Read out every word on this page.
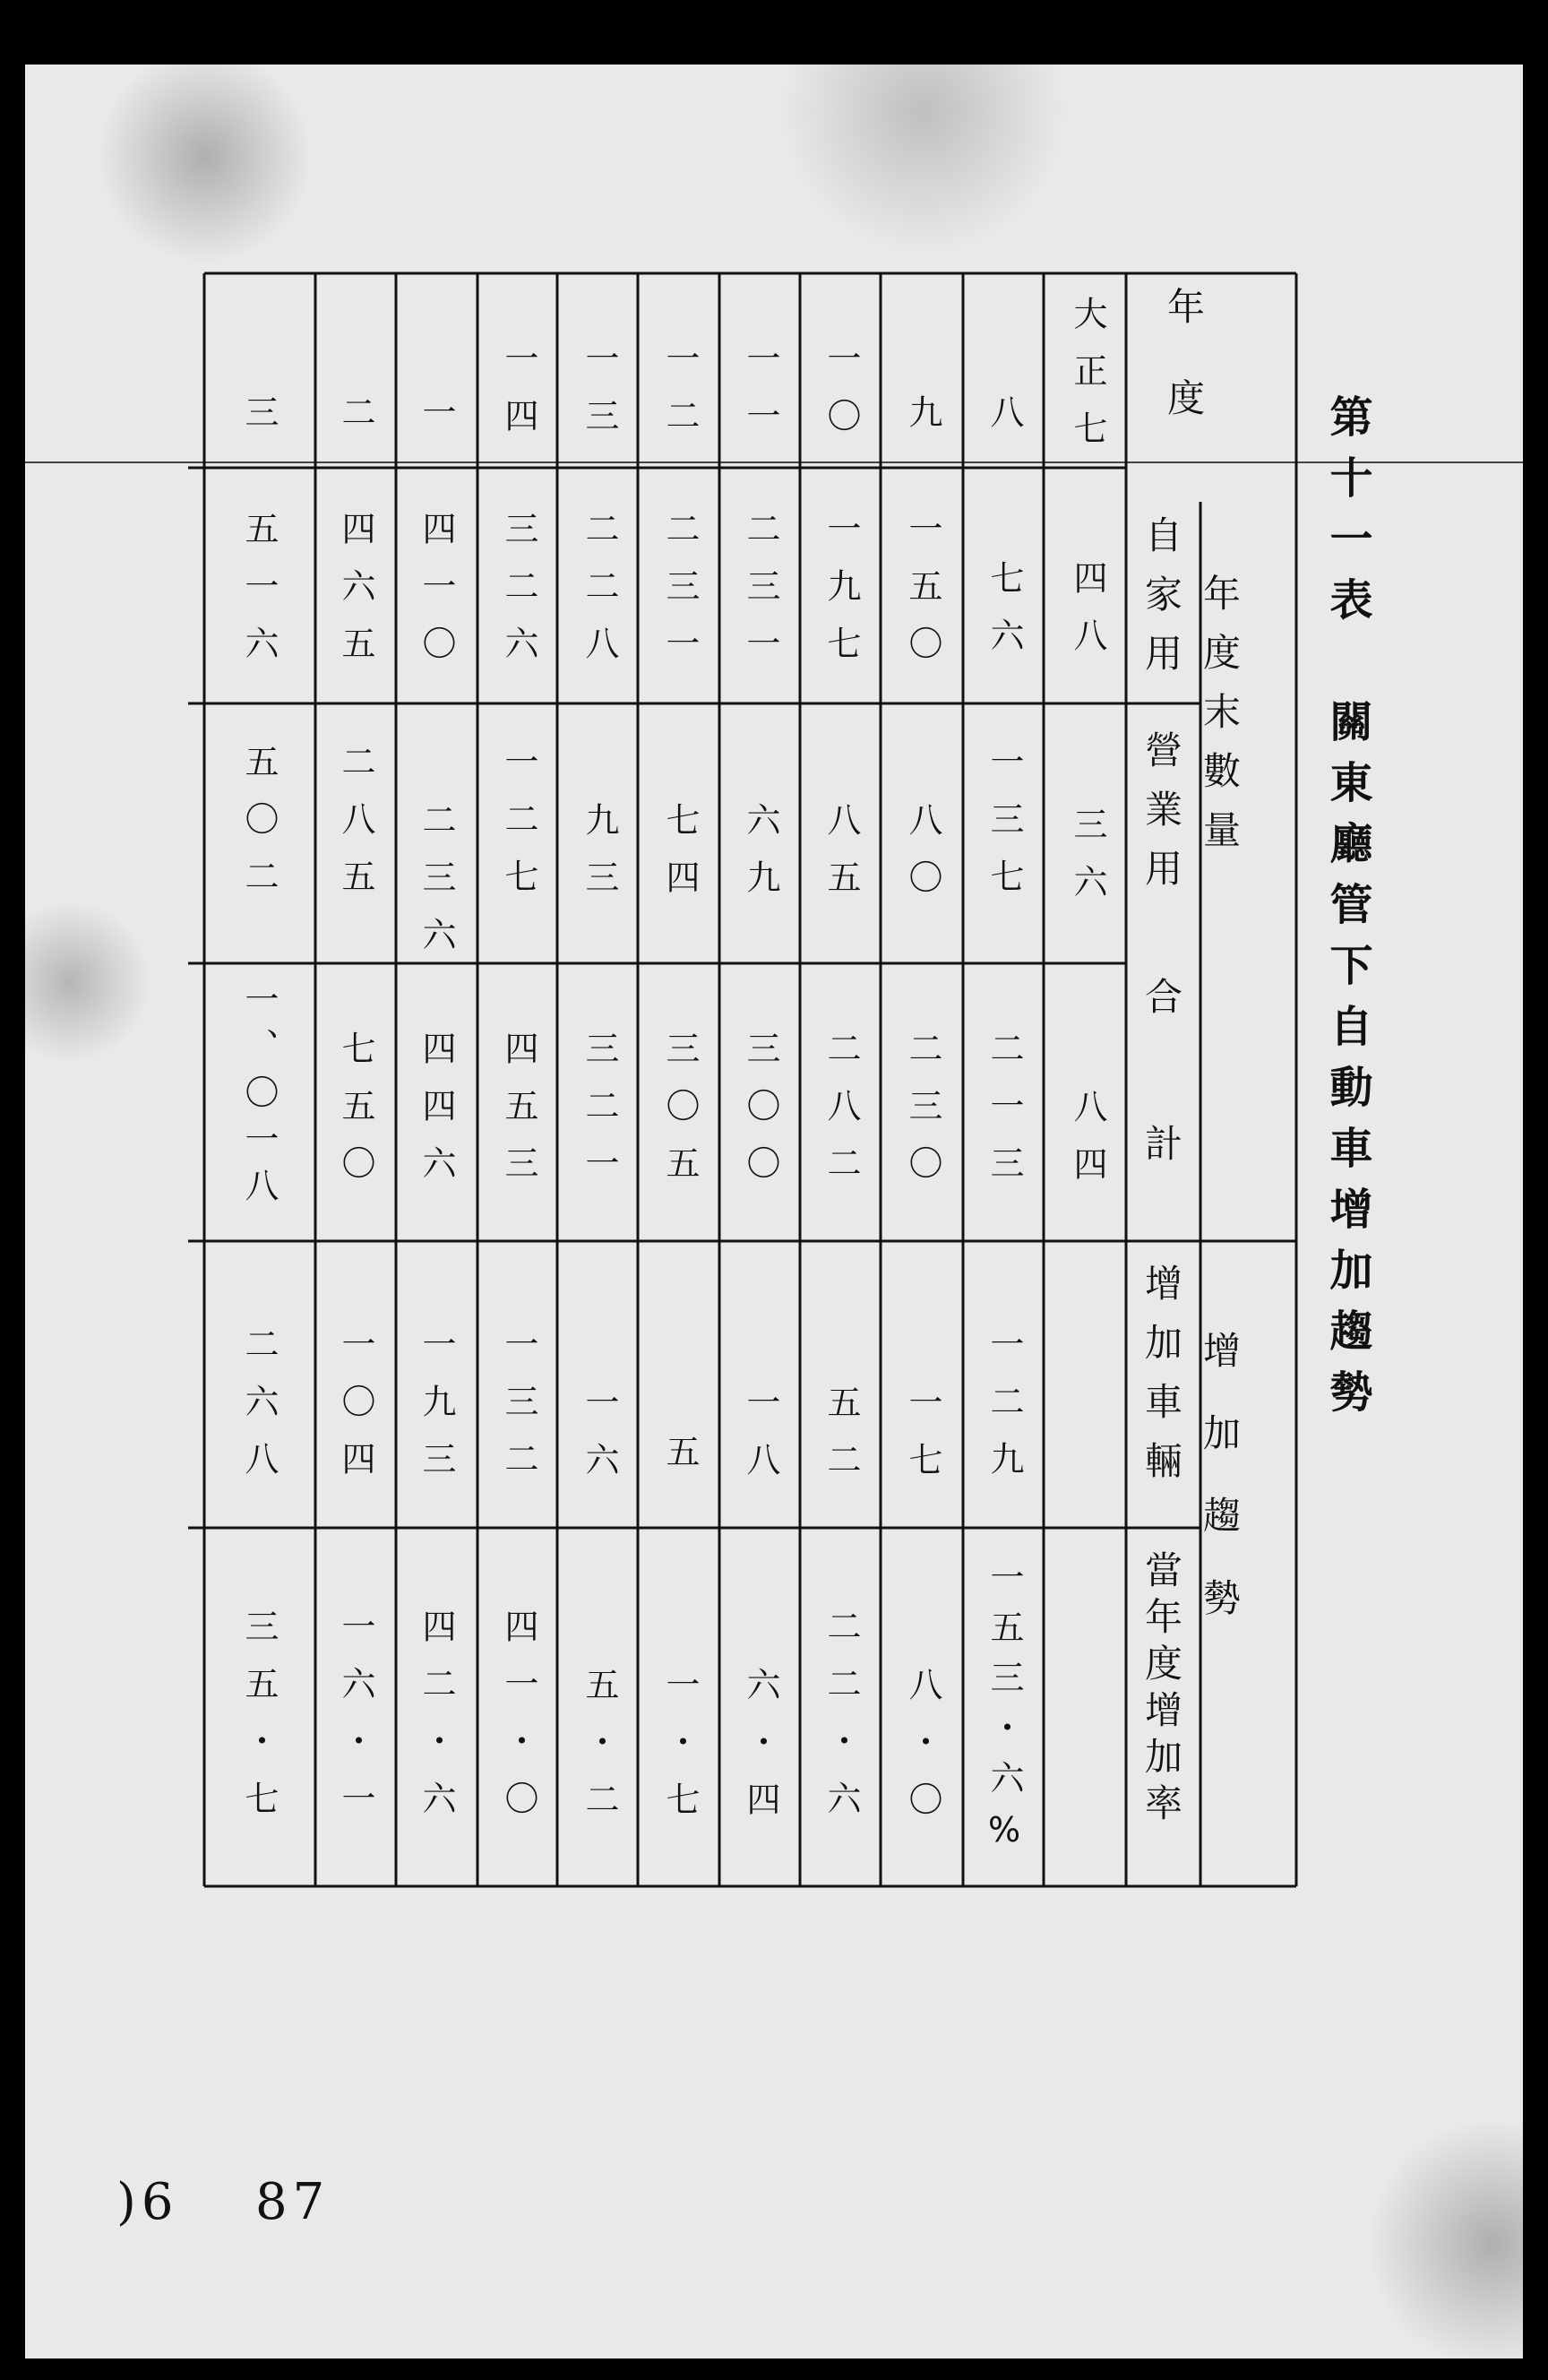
第十一表　關東廳管下自動車增加趨勢
年度
年度末數量
自家用
營業用
合　計
增加趨勢
增加車輛
當年度增加率
大正七
四八
三六
八四
八
七六
一三七
二一三
一二九
一五三・六%
九
一五〇
八〇
二三〇
一七
八・〇
一〇
一九七
八五
二八二
五二
二二・六
一一
二三一
六九
三〇〇
一八
六・四
一二
二三一
七四
三〇五
五
一・七
一三
二二八
九三
三二一
一六
五・二
一四
三二六
一二七
四五三
一三二
四一・〇
一
四一〇
二三六
四四六
一九三
四二・六
二
四六五
二八五
七五〇
一〇四
一六・一
三
五一六
五〇二
一、〇一八
二六八
三五・七
)6 87
